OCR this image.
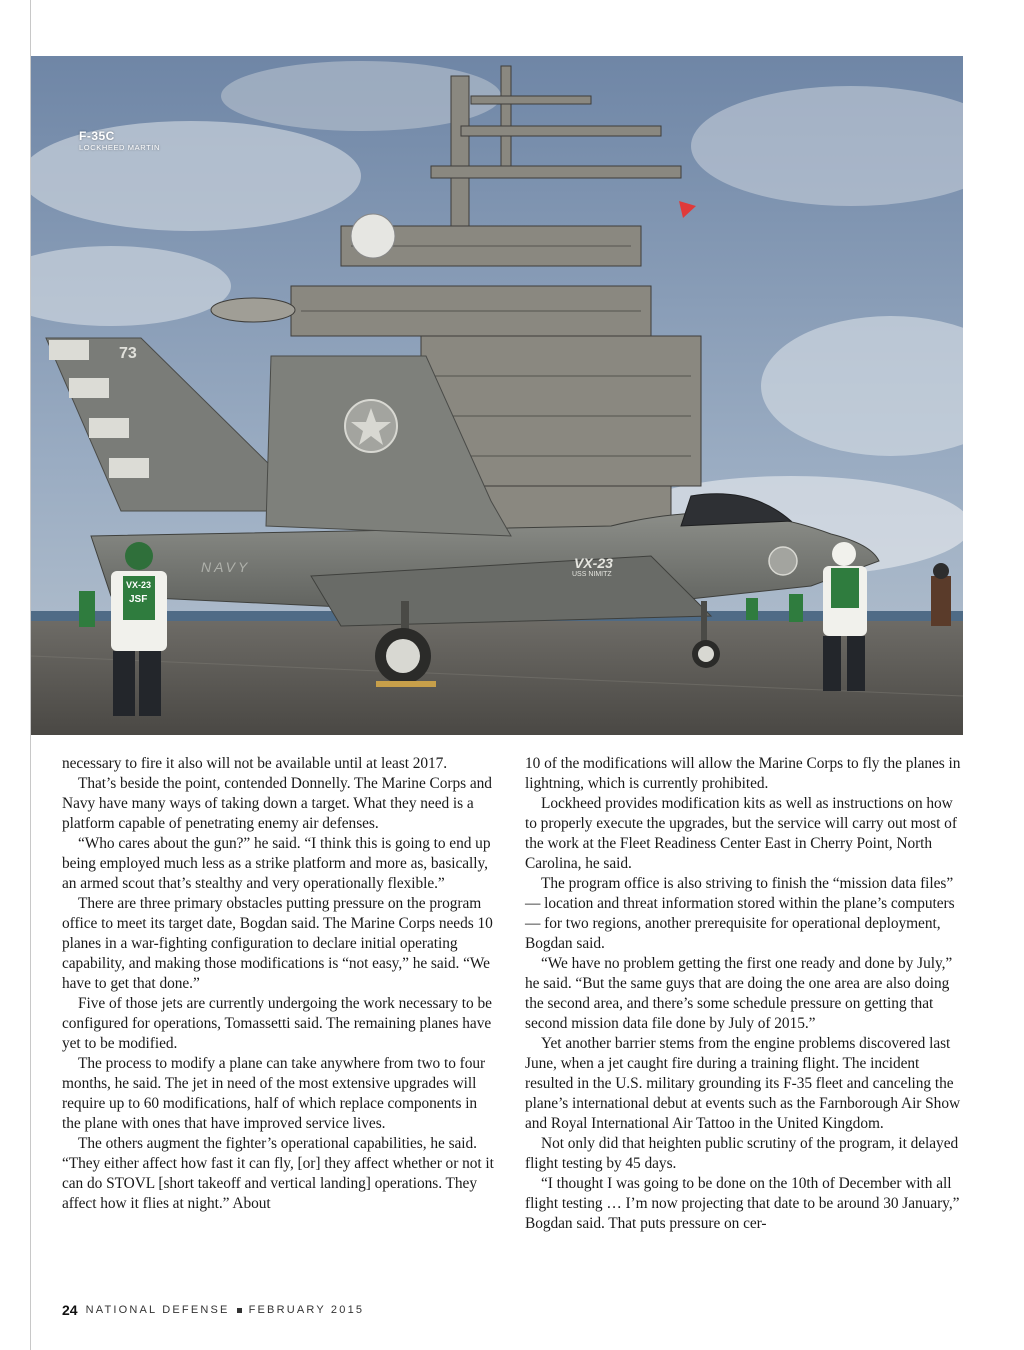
73
VX-23
USS NIMITZ
NAVY
VX-23
JSF
F-35C
LOCKHEED MARTIN

necessary to fire it also will not be available until at least 2017.

That’s beside the point, contended Donnelly. The Marine Corps and Navy have many ways of taking down a target. What they need is a platform capable of penetrating enemy air defenses.

“Who cares about the gun?” he said. “I think this is going to end up being employed much less as a strike platform and more as, basically, an armed scout that’s stealthy and very operationally flexible.”

There are three primary obstacles putting pressure on the program office to meet its target date, Bogdan said. The Marine Corps needs 10 planes in a war-fighting configuration to declare initial operating capability, and making those modifications is “not easy,” he said. “We have to get that done.”

Five of those jets are currently undergoing the work necessary to be configured for operations, Tomassetti said. The remaining planes have yet to be modified.

The process to modify a plane can take anywhere from two to four months, he said. The jet in need of the most extensive upgrades will require up to 60 modifications, half of which replace components in the plane with ones that have improved service lives.

The others augment the fighter’s operational capabilities, he said. “They either affect how fast it can fly, [or] they affect whether or not it can do STOVL [short takeoff and vertical landing] operations. They affect how it flies at night.” About

10 of the modifications will allow the Marine Corps to fly the planes in lightning, which is currently prohibited.

Lockheed provides modification kits as well as instructions on how to properly execute the upgrades, but the service will carry out most of the work at the Fleet Readiness Center East in Cherry Point, North Carolina, he said.

The program office is also striving to finish the “mission data files” — location and threat information stored within the plane’s computers — for two regions, another prerequisite for operational deployment, Bogdan said.

“We have no problem getting the first one ready and done by July,” he said. “But the same guys that are doing the one area are also doing the second area, and there’s some schedule pressure on getting that second mission data file done by July of 2015.”

Yet another barrier stems from the engine problems discovered last June, when a jet caught fire during a training flight. The incident resulted in the U.S. military grounding its F-35 fleet and canceling the plane’s international debut at events such as the Farnborough Air Show and Royal International Air Tattoo in the United Kingdom.

Not only did that heighten public scrutiny of the program, it delayed flight testing by 45 days.

“I thought I was going to be done on the 10th of December with all flight testing … I’m now projecting that date to be around 30 January,” Bogdan said. That puts pressure on cer-

24 NATIONAL DEFENSE FEBRUARY 2015
